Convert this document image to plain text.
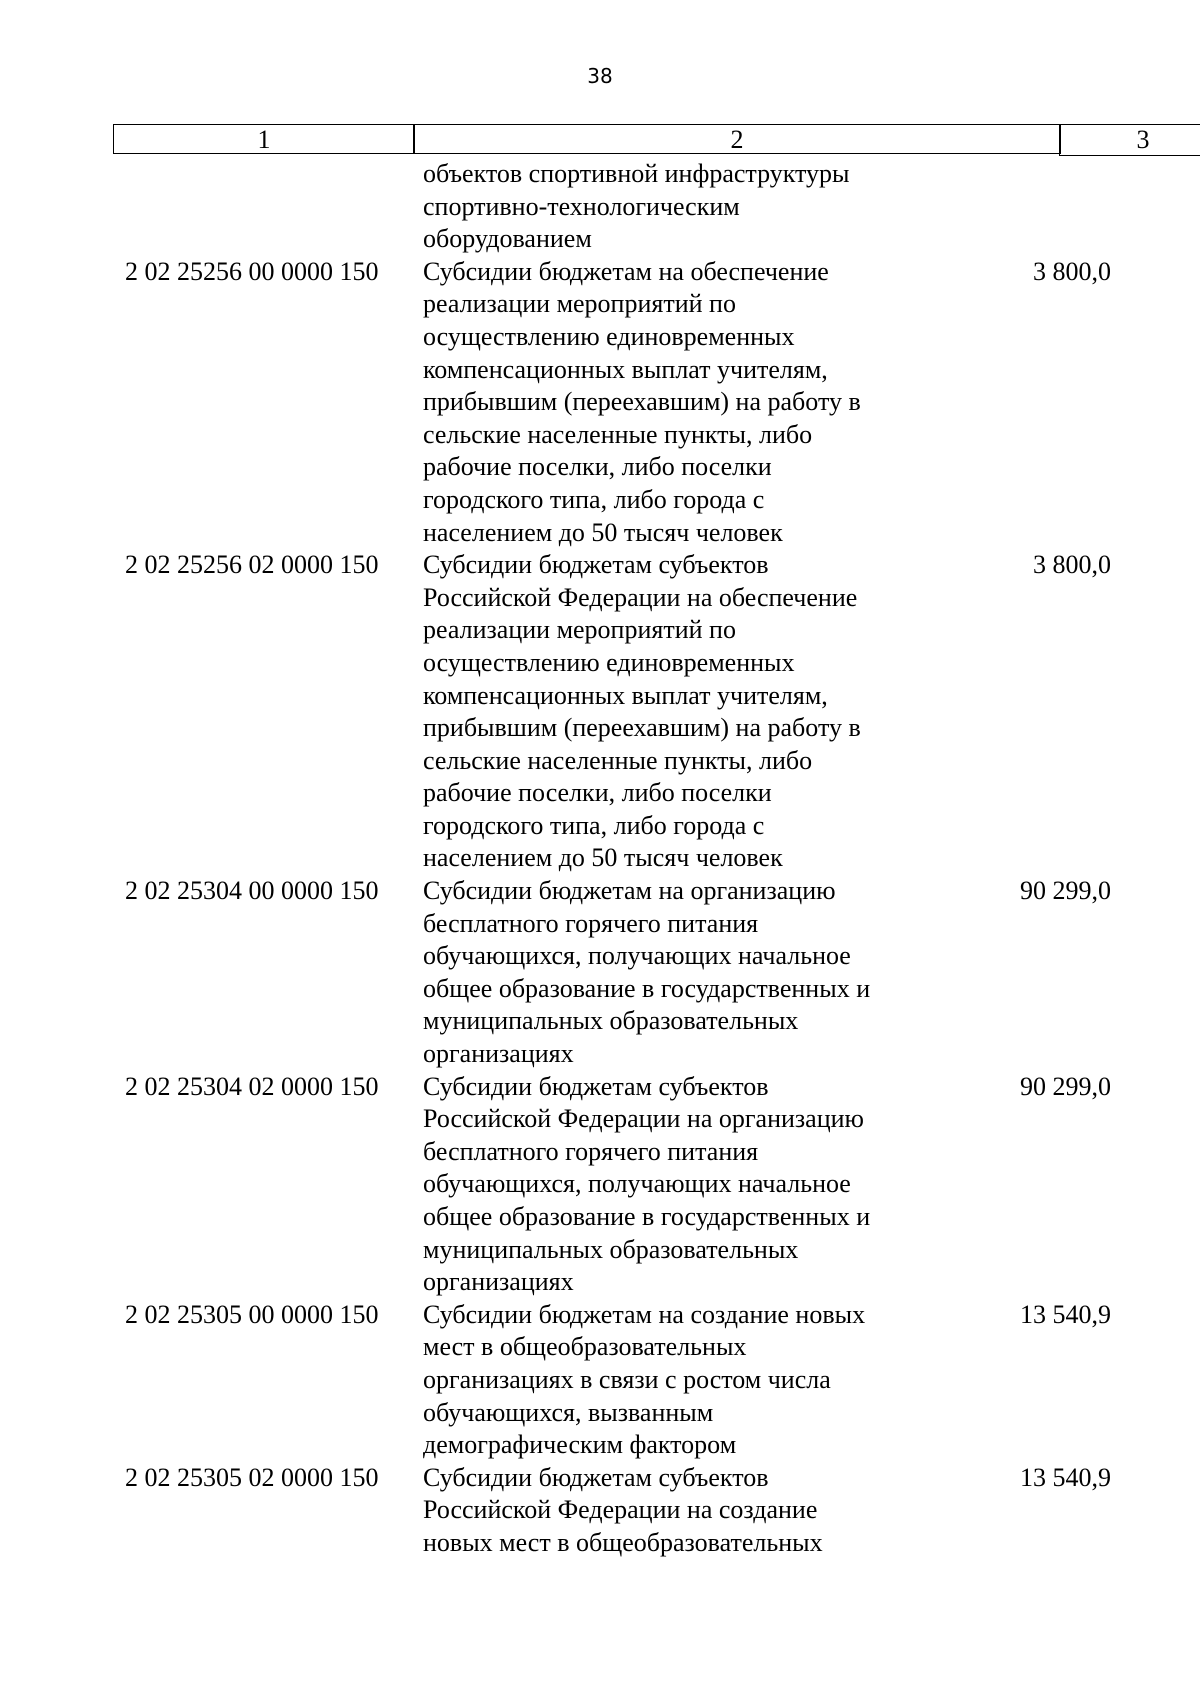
38
1	2	3
объектов спортивной инфраструктуры
спортивно-технологическим
оборудованием
2 02 25256 00 0000 150 Субсидии бюджетам на обеспечение
реализации мероприятий по
осуществлению единовременных
компенсационных выплат учителям,
прибывшим (переехавшим) на работу в
сельские населенные пункты, либо
рабочие поселки, либо поселки
городского типа, либо города с
населением до 50 тысяч человек
3 800,0
2 02 25256 02 0000 150 Субсидии бюджетам субъектов
Российской Федерации на обеспечение
реализации мероприятий по
осуществлению единовременных
компенсационных выплат учителям,
прибывшим (переехавшим) на работу в
сельские населенные пункты, либо
рабочие поселки, либо поселки
городского типа, либо города с
населением до 50 тысяч человек
3 800,0
2 02 25304 00 0000 150 Субсидии бюджетам на организацию
бесплатного горячего питания
обучающихся, получающих начальное
общее образование в государственных и
муниципальных образовательных
организациях
90 299,0
2 02 25304 02 0000 150 Субсидии бюджетам субъектов
Российской Федерации на организацию
бесплатного горячего питания
обучающихся, получающих начальное
общее образование в государственных и
муниципальных образовательных
организациях
90 299,0
2 02 25305 00 0000 150 Субсидии бюджетам на создание новых
мест в общеобразовательных
организациях в связи с ростом числа
обучающихся, вызванным
демографическим фактором
13 540,9
2 02 25305 02 0000 150 Субсидии бюджетам субъектов
Российской Федерации на создание
новых мест в общеобразовательных
13 540,9
